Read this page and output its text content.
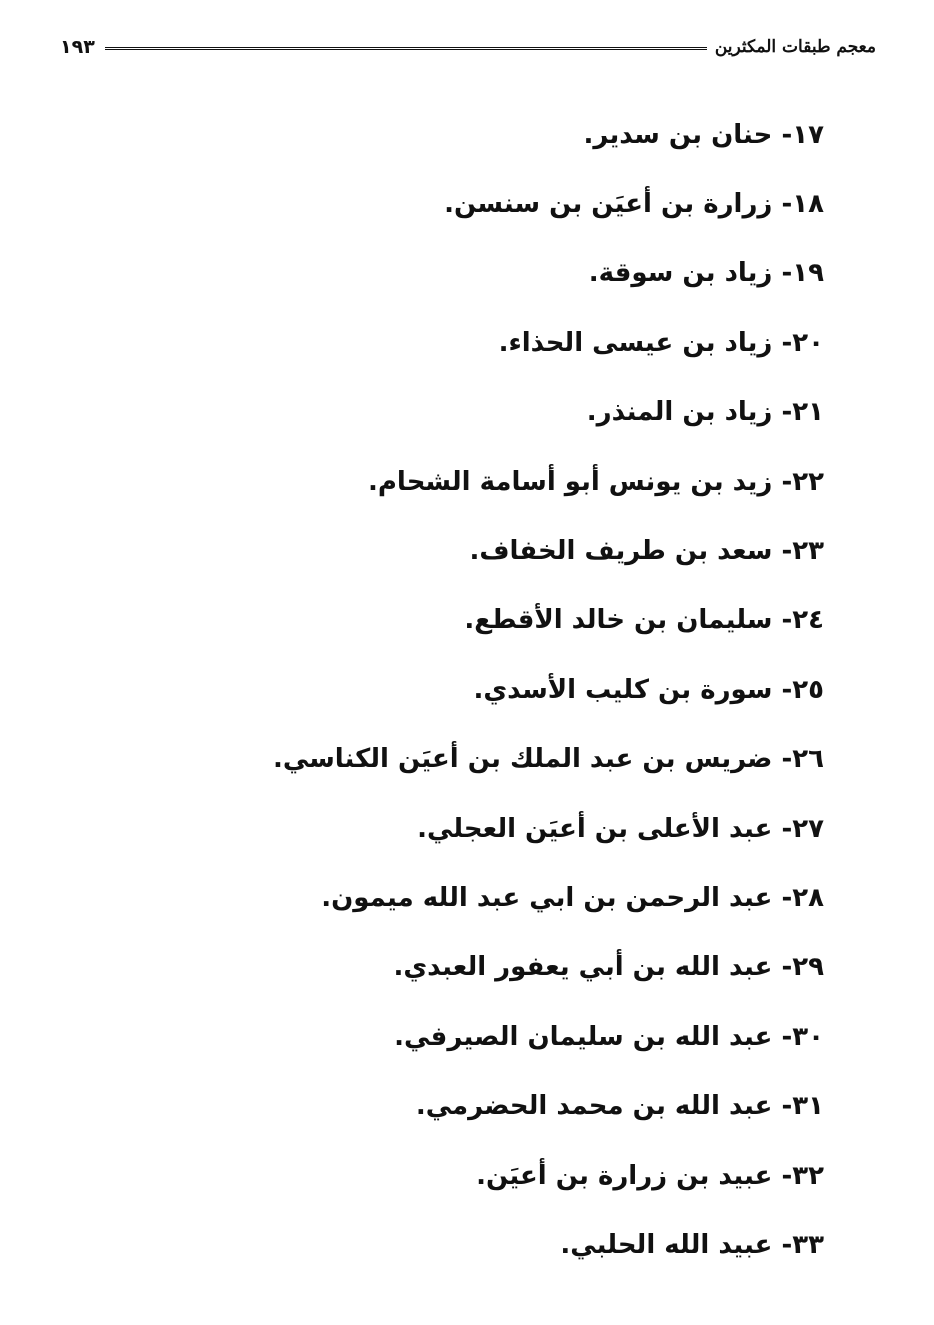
١٩٣	معجم طبقات المكثرين
١٧- حنان بن سدير.
١٨- زرارة بن أعيَن بن سنسن.
١٩- زياد بن سوقة.
٢٠- زياد بن عيسى الحذاء.
٢١- زياد بن المنذر.
٢٢- زيد بن يونس أبو أسامة الشحام.
٢٣- سعد بن طريف الخفاف.
٢٤- سليمان بن خالد الأقطع.
٢٥- سورة بن كليب الأسدي.
٢٦- ضريس بن عبد الملك بن أعيَن الكناسي.
٢٧- عبد الأعلى بن أعيَن العجلي.
٢٨- عبد الرحمن بن ابي عبد الله ميمون.
٢٩- عبد الله بن أبي يعفور العبدي.
٣٠- عبد الله بن سليمان الصيرفي.
٣١- عبد الله بن محمد الحضرمي.
٣٢- عبيد بن زرارة بن أعيَن.
٣٣- عبيد الله الحلبي.
